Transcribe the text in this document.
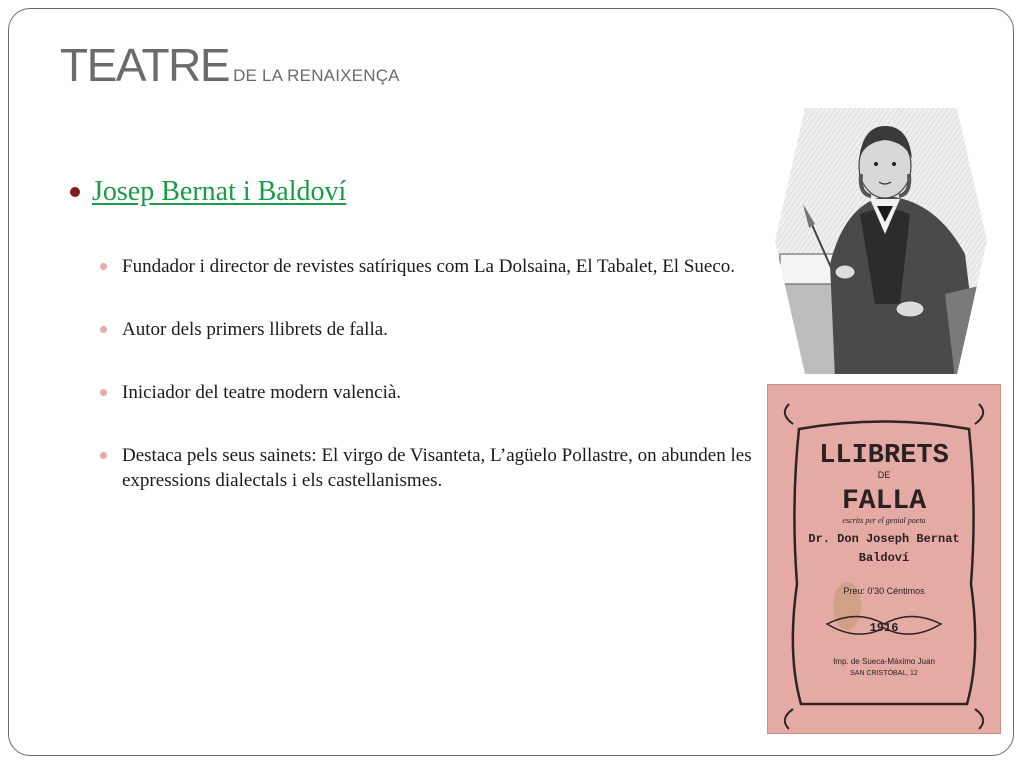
TEATRE DE LA RENAIXENÇA
Josep Bernat i Baldoví
Fundador i director de revistes satíriques com La Dolsaina, El Tabalet, El Sueco.
Autor dels primers llibrets de falla.
Iniciador del teatre modern valencià.
Destaca pels seus sainets: El virgo de Visanteta, L’agüelo Pollastre, on abunden les expressions dialectals i els castellanismes.
LLIBRETS
DE
FALLA
escrits per el genial poeta
Dr. Don Joseph Bernat
Baldoví
Preu: 0'30 Céntimos
1916
Imp. de Sueca-Máximo Juan
SAN CRISTÓBAL, 12
